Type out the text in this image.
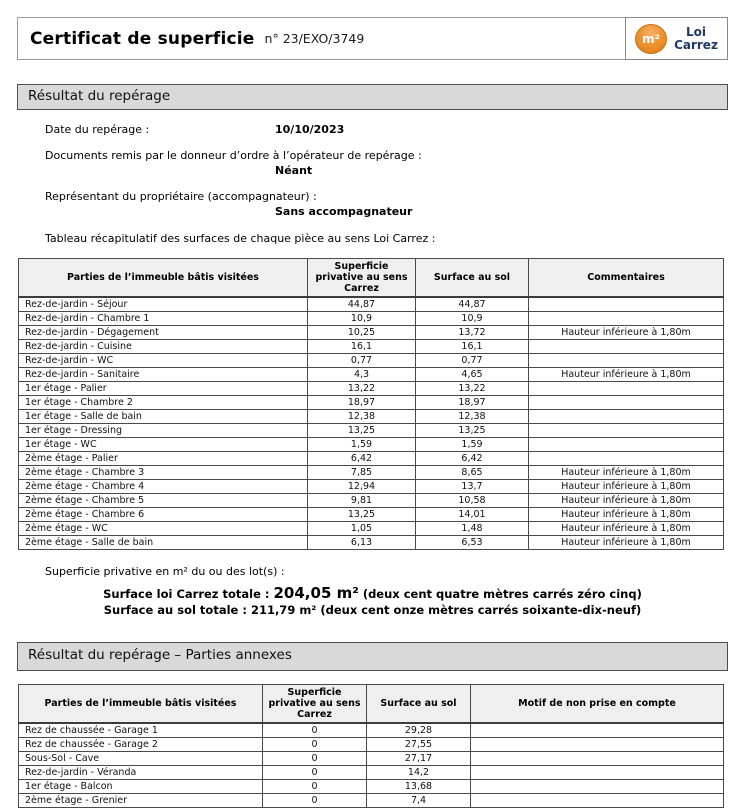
Certificat de superficie n° 23/EXO/3749	m²	Loi
Carrez
Résultat du repérage
Date du repérage :	10/10/2023
Documents remis par le donneur d’ordre à l’opérateur de repérage :
Néant
Représentant du propriétaire (accompagnateur) :
Sans accompagnateur
Tableau récapitulatif des surfaces de chaque pièce au sens Loi Carrez :
Parties de l’immeuble bâtis visitées	Superficie privative au sens Carrez	Surface au sol	Commentaires
Rez-de-jardin - Séjour	44,87	44,87	
Rez-de-jardin - Chambre 1	10,9	10,9	
Rez-de-jardin - Dégagement	10,25	13,72	Hauteur inférieure à 1,80m
Rez-de-jardin - Cuisine	16,1	16,1	
Rez-de-jardin - WC	0,77	0,77	
Rez-de-jardin - Sanitaire	4,3	4,65	Hauteur inférieure à 1,80m
1er étage - Palier	13,22	13,22	
1er étage - Chambre 2	18,97	18,97	
1er étage - Salle de bain	12,38	12,38	
1er étage - Dressing	13,25	13,25	
1er étage - WC	1,59	1,59	
2ème étage - Palier	6,42	6,42	
2ème étage - Chambre 3	7,85	8,65	Hauteur inférieure à 1,80m
2ème étage - Chambre 4	12,94	13,7	Hauteur inférieure à 1,80m
2ème étage - Chambre 5	9,81	10,58	Hauteur inférieure à 1,80m
2ème étage - Chambre 6	13,25	14,01	Hauteur inférieure à 1,80m
2ème étage - WC	1,05	1,48	Hauteur inférieure à 1,80m
2ème étage - Salle de bain	6,13	6,53	Hauteur inférieure à 1,80m
Superficie privative en m² du ou des lot(s) :
Surface loi Carrez totale : 204,05 m² (deux cent quatre mètres carrés zéro cinq)
Surface au sol totale : 211,79 m² (deux cent onze mètres carrés soixante-dix-neuf)
Résultat du repérage – Parties annexes
Parties de l’immeuble bâtis visitées	Superficie privative au sens Carrez	Surface au sol	Motif de non prise en compte
Rez de chaussée - Garage 1	0	29,28	
Rez de chaussée - Garage 2	0	27,55	
Sous-Sol - Cave	0	27,17	
Rez-de-jardin - Véranda	0	14,2	
1er étage - Balcon	0	13,68	
2ème étage - Grenier	0	7,4	
